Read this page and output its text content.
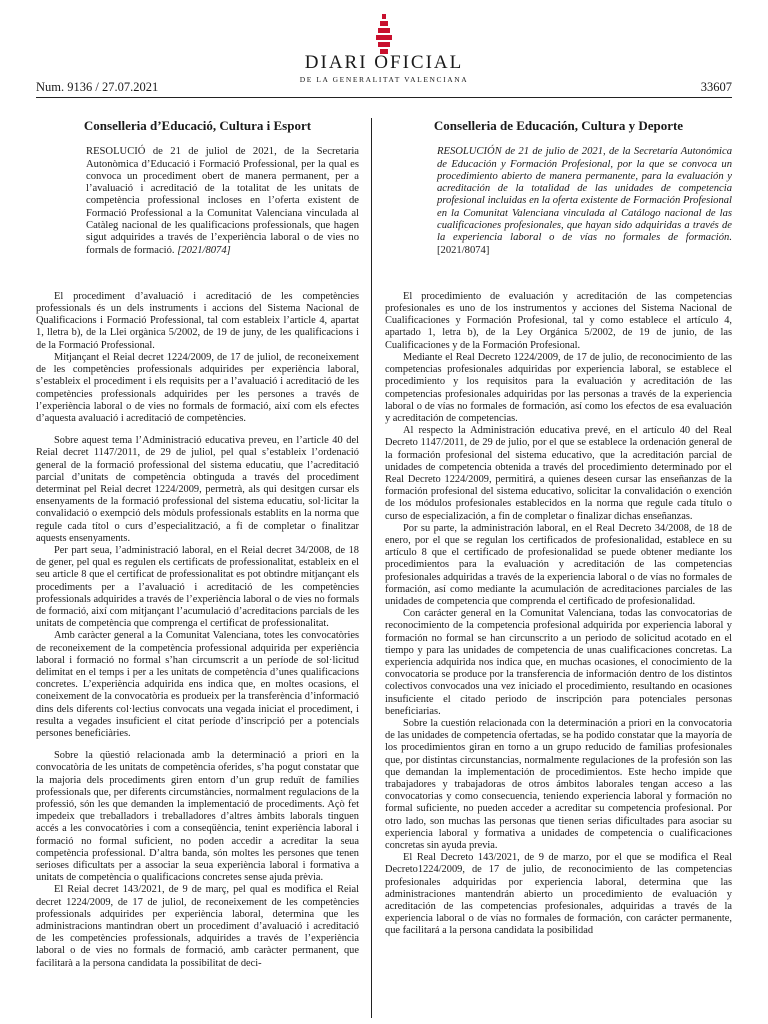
Num. 9136 / 27.07.2021
DIARI OFICIAL
DE LA GENERALITAT VALENCIANA
33607
Conselleria d’Educació, Cultura i Esport
RESOLUCIÓ de 21 de juliol de 2021, de la Secretaria Autonòmica d’Educació i Formació Professional, per la qual es convoca un procediment obert de manera permanent, per a l’avaluació i acreditació de la totalitat de les unitats de competència professional incloses en l’oferta existent de Formació Professional a la Comunitat Valenciana vinculada al Catàleg nacional de les qualificacions professionals, que hagen sigut adquirides a través de l’experiència laboral o de vies no formals de formació. [2021/8074]

El procediment d’avaluació i acreditació de les competències professionals és un dels instruments i accions del Sistema Nacional de Qualificacions i Formació Professional, tal com estableix l’article 4, apartat 1, lletra b), de la Llei orgànica 5/2002, de 19 de juny, de les qualificacions i de la Formació Professional.

Mitjançant el Reial decret 1224/2009, de 17 de juliol, de reconeixement de les competències professionals adquirides per experiència laboral, s’estableix el procediment i els requisits per a l’avaluació i acreditació de les competències professionals adquirides per les persones a través de l’experiència laboral o de vies no formals de formació, així com els efectes d’aquesta avaluació i acreditació de competències.

Sobre aquest tema l’Administració educativa preveu, en l’article 40 del Reial decret 1147/2011, de 29 de juliol, pel qual s’estableix l’ordenació general de la formació professional del sistema educatiu, que l’acreditació parcial d’unitats de competència obtinguda a través del procediment determinat pel Reial decret 1224/2009, permetrà, als qui desitgen cursar els ensenyaments de la formació professional del sistema educatiu, sol·licitar la convalidació o exempció dels mòduls professionals establits en la norma que regule cada títol o curs d’especialització, a fi de completar o finalitzar aquests ensenyaments.

Per part seua, l’administració laboral, en el Reial decret 34/2008, de 18 de gener, pel qual es regulen els certificats de professionalitat, estableix en el seu article 8 que el certificat de professionalitat es pot obtindre mitjançant els procediments per a l’avaluació i acreditació de les competències professionals adquirides a través de l’experiència laboral o de vies no formals de formació, així com mitjançant l’acumulació d’acreditacions parcials de les unitats de competència que comprenga el certificat de professionalitat.

Amb caràcter general a la Comunitat Valenciana, totes les convocatòries de reconeixement de la competència professional adquirida per experiència laboral i formació no formal s’han circumscrit a un període de sol·licitud delimitat en el temps i per a les unitats de competència d’unes qualificacions concretes. L’experiència adquirida ens indica que, en moltes ocasions, el coneixement de la convocatòria es produeix per la transferència d’informació dins dels diferents col·lectius convocats una vegada iniciat el procediment, i resulta a vegades insuficient el citat període d’inscripció per a potencials persones beneficiàries.

Sobre la qüestió relacionada amb la determinació a priori en la convocatòria de les unitats de competència oferides, s’ha pogut constatar que la majoria dels procediments giren entorn d’un grup reduït de famílies professionals que, per diferents circumstàncies, normalment regulacions de la professió, són les que demanden la implementació de procediments. Açò fet impedeix que treballadors i treballadores d’altres àmbits laborals tinguen accés a les convocatòries i com a conseqüència, tenint experiència laboral i formació no formal suficient, no poden accedir a acreditar la seua competència professional. D’altra banda, són moltes les persones que tenen serioses dificultats per a associar la seua experiència laboral i formativa a unitats de competència o qualificacions concretes sense ajuda prèvia.

El Reial decret 143/2021, de 9 de març, pel qual es modifica el Reial decret 1224/2009, de 17 de juliol, de reconeixement de les competències professionals adquirides per experiència laboral, determina que les administracions mantindran obert un procediment d’avaluació i acreditació de les competències professionals, adquirides a través de l’experiència laboral o de vies no formals de formació, amb caràcter permanent, que facilitarà a la persona candidata la possibilitat de deci-

Conselleria de Educación, Cultura y Deporte
RESOLUCIÓN de 21 de julio de 2021, de la Secretaría Autonómica de Educación y Formación Profesional, por la que se convoca un procedimiento abierto de manera permanente, para la evaluación y acreditación de la totalidad de las unidades de competencia profesional incluidas en la oferta existente de Formación Profesional en la Comunitat Valenciana vinculada al Catálogo nacional de las cualificaciones profesionales, que hayan sido adquiridas a través de la experiencia laboral o de vías no formales de formación. [2021/8074]

El procedimiento de evaluación y acreditación de las competencias profesionales es uno de los instrumentos y acciones del Sistema Nacional de Cualificaciones y Formación Profesional, tal y como establece el artículo 4, apartado 1, letra b), de la Ley Orgánica 5/2002, de 19 de junio, de las Cualificaciones y de la Formación Profesional.

Mediante el Real Decreto 1224/2009, de 17 de julio, de reconocimiento de las competencias profesionales adquiridas por experiencia laboral, se establece el procedimiento y los requisitos para la evaluación y acreditación de las competencias profesionales adquiridas por las personas a través de la experiencia laboral o de vías no formales de formación, así como los efectos de esa evaluación y acreditación de competencias.

Al respecto la Administración educativa prevé, en el artículo 40 del Real Decreto 1147/2011, de 29 de julio, por el que se establece la ordenación general de la formación profesional del sistema educativo, que la acreditación parcial de unidades de competencia obtenida a través del procedimiento determinado por el Real Decreto 1224/2009, permitirá, a quienes deseen cursar las enseñanzas de la formación profesional del sistema educativo, solicitar la convalidación o exención de los módulos profesionales establecidos en la norma que regule cada título o curso de especialización, a fin de completar o finalizar dichas enseñanzas.

Por su parte, la administración laboral, en el Real Decreto 34/2008, de 18 de enero, por el que se regulan los certificados de profesionalidad, establece en su artículo 8 que el certificado de profesionalidad se puede obtener mediante los procedimientos para la evaluación y acreditación de las competencias profesionales adquiridas a través de la experiencia laboral o de vías no formales de formación, así como mediante la acumulación de acreditaciones parciales de las unidades de competencia que comprenda el certificado de profesionalidad.

Con carácter general en la Comunitat Valenciana, todas las convocatorias de reconocimiento de la competencia profesional adquirida por experiencia laboral y formación no formal se han circunscrito a un periodo de solicitud acotado en el tiempo y para las unidades de competencia de unas cualificaciones concretas. La experiencia adquirida nos indica que, en muchas ocasiones, el conocimiento de la convocatoria se produce por la transferencia de información dentro de los distintos colectivos convocados una vez iniciado el procedimiento, resultando en ocasiones insuficiente el citado periodo de inscripción para potenciales personas beneficiarias.

Sobre la cuestión relacionada con la determinación a priori en la convocatoria de las unidades de competencia ofertadas, se ha podido constatar que la mayoría de los procedimientos giran en torno a un grupo reducido de familias profesionales que, por distintas circunstancias, normalmente regulaciones de la profesión son las que demandan la implementación de procedimientos. Este hecho impide que trabajadores y trabajadoras de otros ámbitos laborales tengan acceso a las convocatorias y como consecuencia, teniendo experiencia laboral y formación no formal suficiente, no pueden acceder a acreditar su competencia profesional. Por otro lado, son muchas las personas que tienen serias dificultades para asociar su experiencia laboral y formativa a unidades de competencia o cualificaciones concretas sin ayuda previa.

El Real Decreto 143/2021, de 9 de marzo, por el que se modifica el Real Decreto1224/2009, de 17 de julio, de reconocimiento de las competencias profesionales adquiridas por experiencia laboral, determina que las administraciones mantendrán abierto un procedimiento de evaluación y acreditación de las competencias profesionales, adquiridas a través de la experiencia laboral o de vías no formales de formación, con carácter permanente, que facilitará a la persona candidata la posibilidad
